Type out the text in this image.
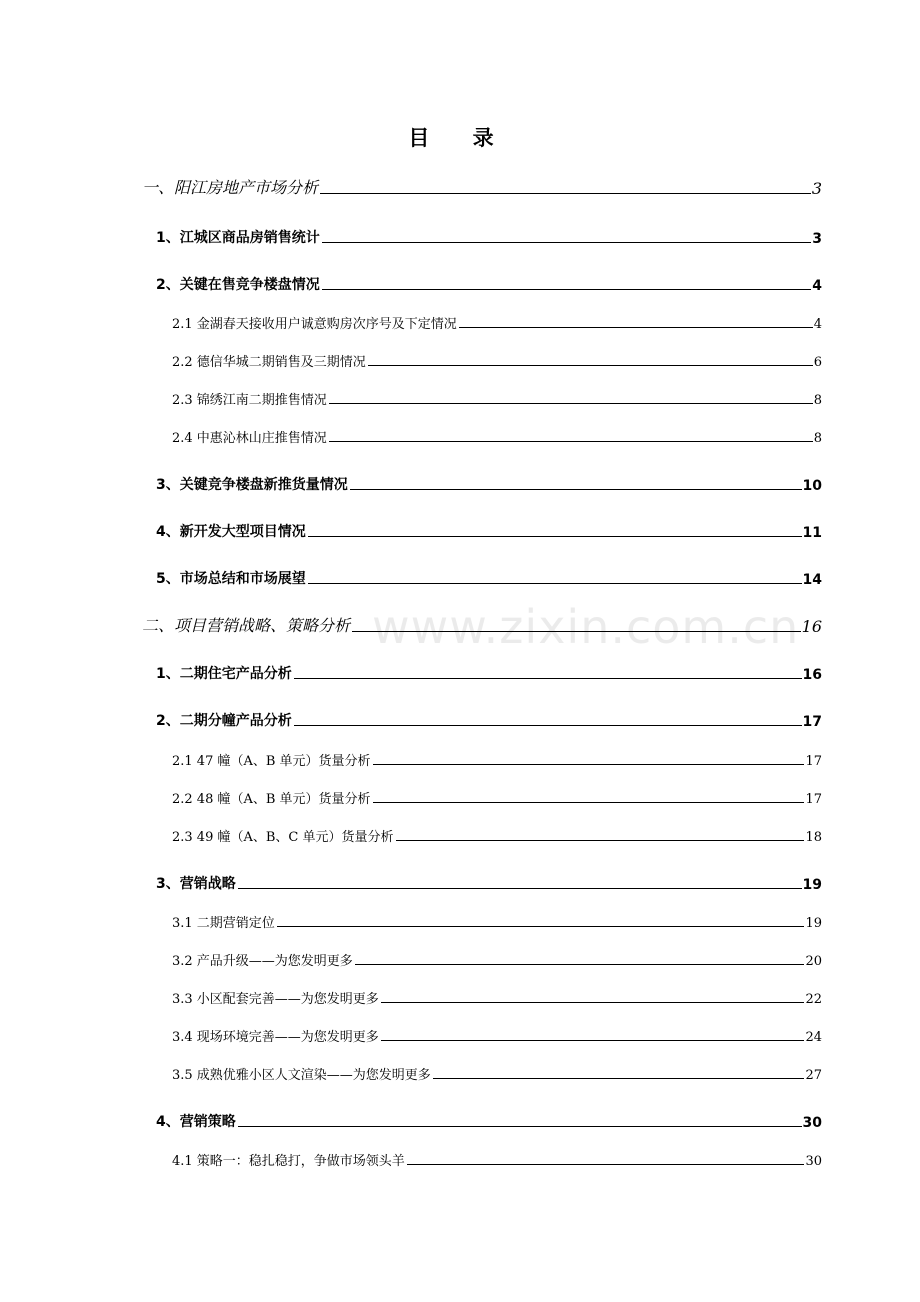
目 录
一、阳江房地产市场分析	3
1、江城区商品房销售统计	3
2、关键在售竞争楼盘情况	4
2.1 金湖春天接收用户诚意购房次序号及下定情况	4
2.2 德信华城二期销售及三期情况	6
2.3 锦绣江南二期推售情况	8
2.4 中惠沁林山庄推售情况	8
3、关键竞争楼盘新推货量情况	10
4、新开发大型项目情况	11
5、市场总结和市场展望	14
二、项目营销战略、策略分析	16
1、二期住宅产品分析	16
2、二期分幢产品分析	17
2.1 47 幢（A、B 单元）货量分析	17
2.2 48 幢（A、B 单元）货量分析	17
2.3 49 幢（A、B、C 单元）货量分析	18
3、营销战略	19
3.1 二期营销定位	19
3.2 产品升级——为您发明更多	20
3.3 小区配套完善——为您发明更多	22
3.4 现场环境完善——为您发明更多	24
3.5 成熟优雅小区人文渲染——为您发明更多	27
4、营销策略	30
4.1 策略一：稳扎稳打，争做市场领头羊	30
www.zixin.com.cn
